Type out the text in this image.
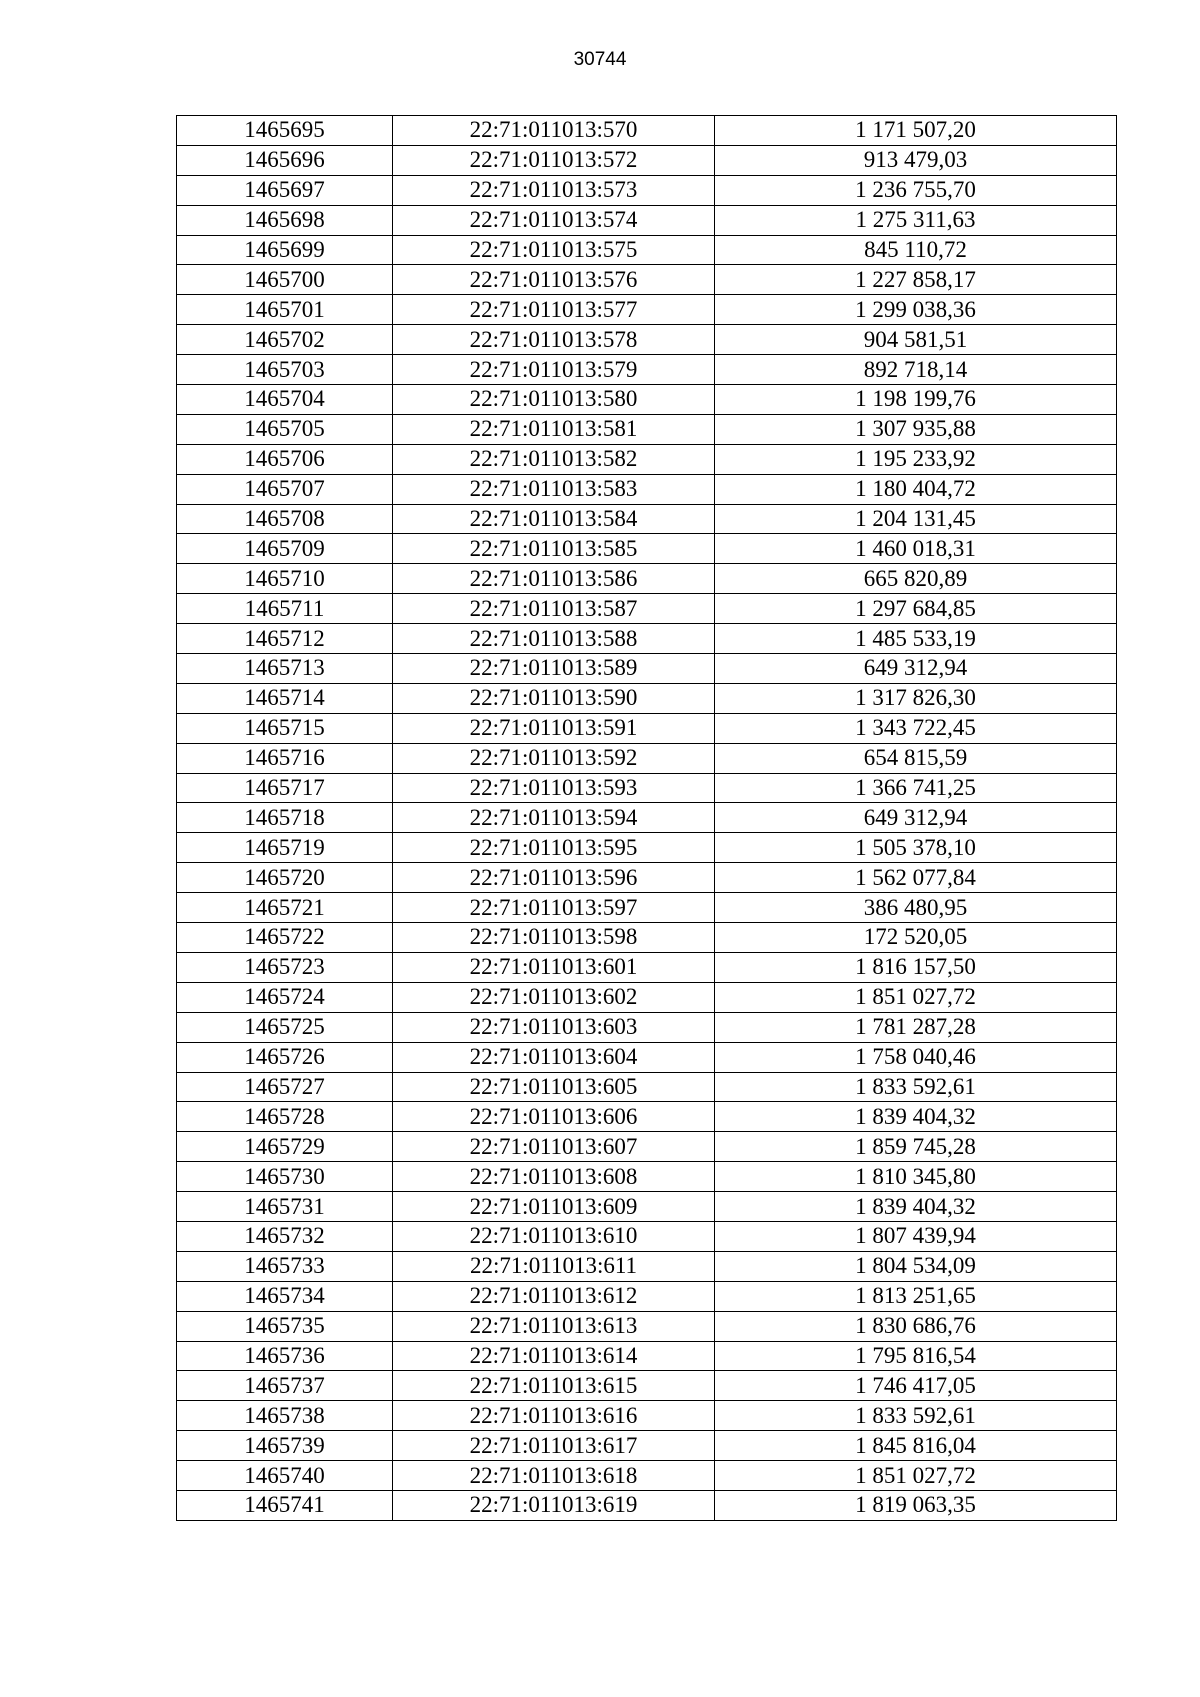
30744
1465695	22:71:011013:570	1 171 507,20
1465696	22:71:011013:572	913 479,03
1465697	22:71:011013:573	1 236 755,70
1465698	22:71:011013:574	1 275 311,63
1465699	22:71:011013:575	845 110,72
1465700	22:71:011013:576	1 227 858,17
1465701	22:71:011013:577	1 299 038,36
1465702	22:71:011013:578	904 581,51
1465703	22:71:011013:579	892 718,14
1465704	22:71:011013:580	1 198 199,76
1465705	22:71:011013:581	1 307 935,88
1465706	22:71:011013:582	1 195 233,92
1465707	22:71:011013:583	1 180 404,72
1465708	22:71:011013:584	1 204 131,45
1465709	22:71:011013:585	1 460 018,31
1465710	22:71:011013:586	665 820,89
1465711	22:71:011013:587	1 297 684,85
1465712	22:71:011013:588	1 485 533,19
1465713	22:71:011013:589	649 312,94
1465714	22:71:011013:590	1 317 826,30
1465715	22:71:011013:591	1 343 722,45
1465716	22:71:011013:592	654 815,59
1465717	22:71:011013:593	1 366 741,25
1465718	22:71:011013:594	649 312,94
1465719	22:71:011013:595	1 505 378,10
1465720	22:71:011013:596	1 562 077,84
1465721	22:71:011013:597	386 480,95
1465722	22:71:011013:598	172 520,05
1465723	22:71:011013:601	1 816 157,50
1465724	22:71:011013:602	1 851 027,72
1465725	22:71:011013:603	1 781 287,28
1465726	22:71:011013:604	1 758 040,46
1465727	22:71:011013:605	1 833 592,61
1465728	22:71:011013:606	1 839 404,32
1465729	22:71:011013:607	1 859 745,28
1465730	22:71:011013:608	1 810 345,80
1465731	22:71:011013:609	1 839 404,32
1465732	22:71:011013:610	1 807 439,94
1465733	22:71:011013:611	1 804 534,09
1465734	22:71:011013:612	1 813 251,65
1465735	22:71:011013:613	1 830 686,76
1465736	22:71:011013:614	1 795 816,54
1465737	22:71:011013:615	1 746 417,05
1465738	22:71:011013:616	1 833 592,61
1465739	22:71:011013:617	1 845 816,04
1465740	22:71:011013:618	1 851 027,72
1465741	22:71:011013:619	1 819 063,35
